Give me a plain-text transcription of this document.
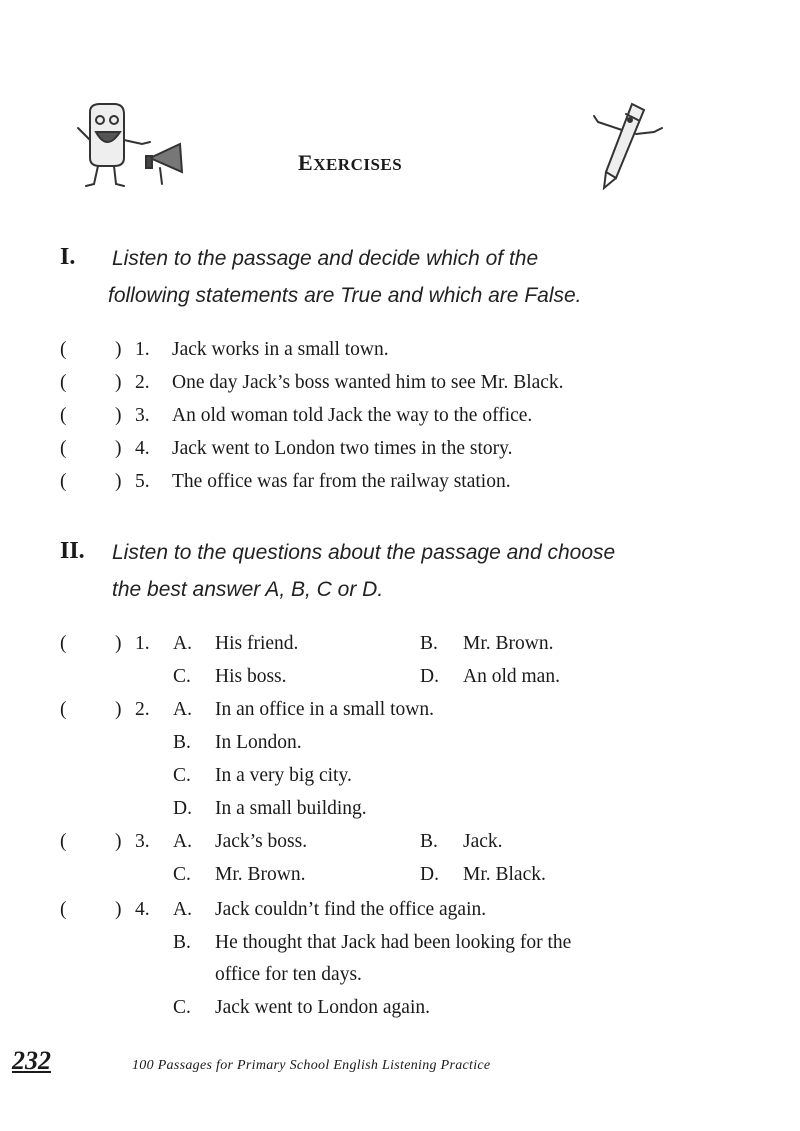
EXERCISES
I. Listen to the passage and decide which of the
following statements are True and which are False.
( ) 1. Jack works in a small town.
( ) 2. One day Jack’s boss wanted him to see Mr. Black.
( ) 3. An old woman told Jack the way to the office.
( ) 4. Jack went to London two times in the story.
( ) 5. The office was far from the railway station.
II. Listen to the questions about the passage and choose
the best answer A, B, C or D.
( ) 1. A. His friend.	B. Mr. Brown.
C. His boss.	D. An old man.
( ) 2. A. In an office in a small town.
B. In London.
C. In a very big city.
D. In a small building.
( ) 3. A. Jack’s boss.	B. Jack.
C. Mr. Brown.	D. Mr. Black.
( ) 4. A. Jack couldn’t find the office again.
B. He thought that Jack had been looking for the
office for ten days.
C. Jack went to London again.
232	100 Passages for Primary School English Listening Practice
